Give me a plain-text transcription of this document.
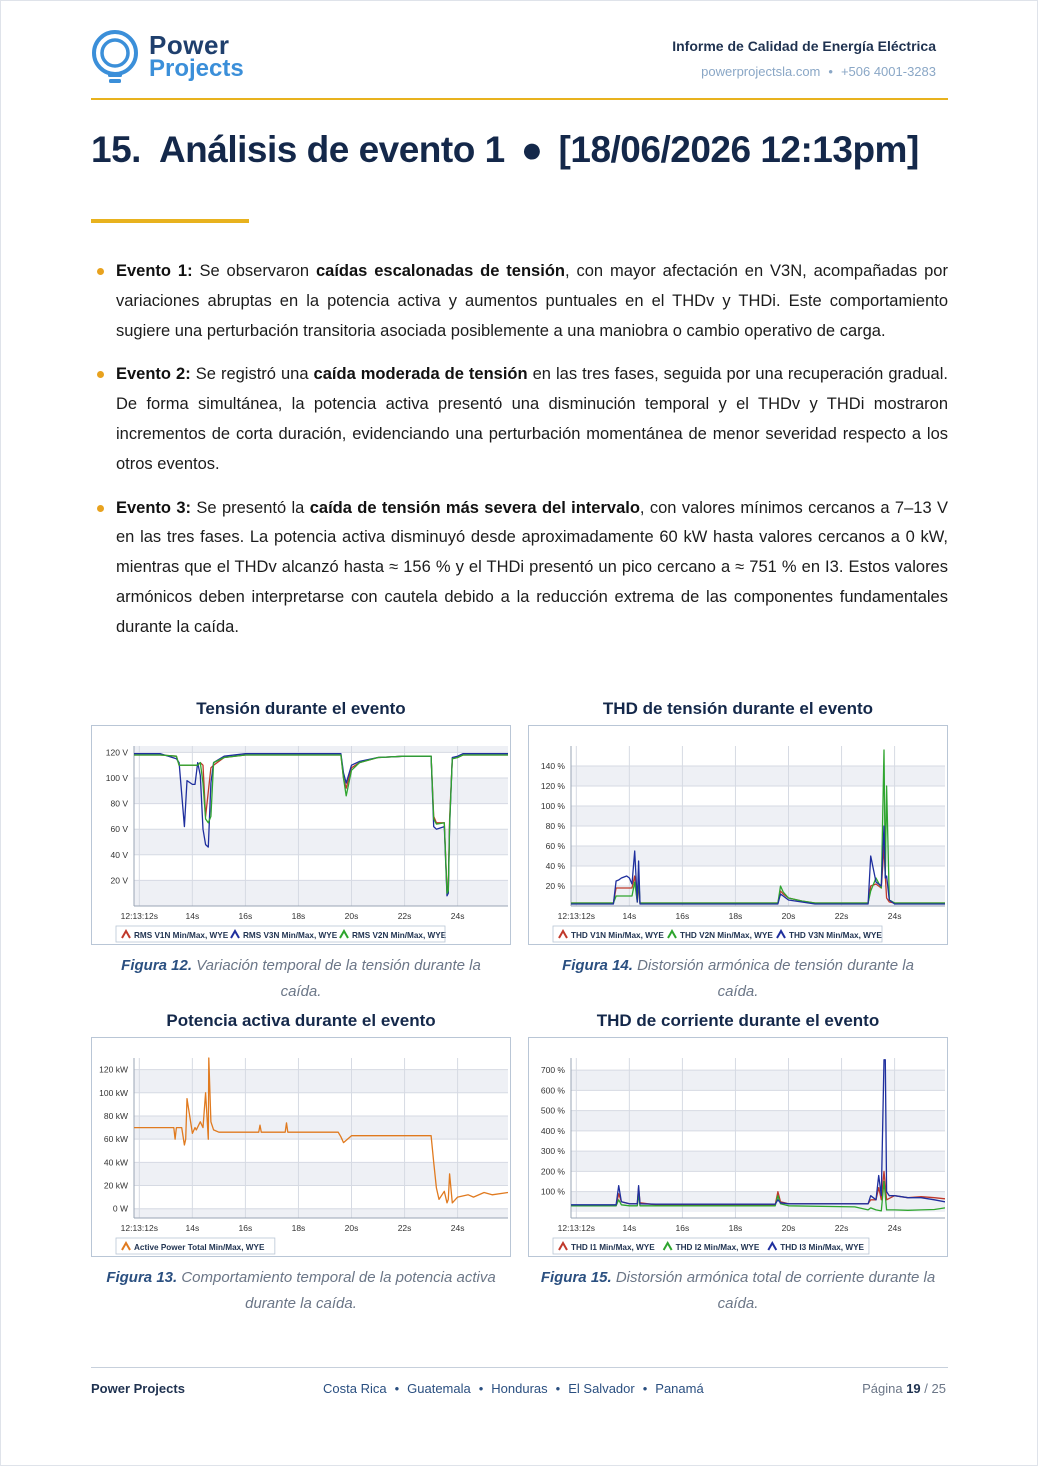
Power
Projects
Informe de Calidad de Energía Eléctrica
powerprojectsla.com • +506 4001-3283
15. Análisis de evento 1 ● [18/06/2026 12:13pm]
Evento 1: Se observaron caídas escalonadas de tensión, con mayor afectación en V3N, acompañadas por variaciones abruptas en la potencia activa y aumentos puntuales en el THDv y THDi. Este comportamiento sugiere una perturbación transitoria asociada posiblemente a una maniobra o cambio operativo de carga.
Evento 2: Se registró una caída moderada de tensión en las tres fases, seguida por una recuperación gradual. De forma simultánea, la potencia activa presentó una disminución temporal y el THDv y THDi mostraron incrementos de corta duración, evidenciando una perturbación momentánea de menor severidad respecto a los otros eventos.
Evento 3: Se presentó la caída de tensión más severa del intervalo, con valores mínimos cercanos a 7–13 V en las tres fases. La potencia activa disminuyó desde aproximadamente 60 kW hasta valores cercanos a 0 kW, mientras que el THDv alcanzó hasta ≈ 156 % y el THDi presentó un pico cercano a ≈ 751 % en I3. Estos valores armónicos deben interpretarse con cautela debido a la reducción extrema de las componentes fundamentales durante la caída.
Tensión durante el evento
12:13:12s	14s	16s	18s	20s	22s	24s
20 V
40 V
60 V
80 V
100 V
120 V
RMS V1N Min/Max, WYE RMS V3N Min/Max, WYE RMS V2N Min/Max, WYE
Figura 12. Variación temporal de la tensión durante la caída.
THD de tensión durante el evento
12:13:12s	14s	16s	18s	20s	22s	24s
20 %
40 %
60 %
80 %
100 %
120 %
140 %
THD V1N Min/Max, WYE THD V2N Min/Max, WYE THD V3N Min/Max, WYE
Figura 14. Distorsión armónica de tensión durante la caída.
Potencia activa durante el evento
12:13:12s	14s	16s	18s	20s	22s	24s
0 W
20 kW
40 kW
60 kW
80 kW
100 kW
120 kW
Active Power Total Min/Max, WYE
Figura 13. Comportamiento temporal de la potencia activa durante la caída.
THD de corriente durante el evento
12:13:12s	14s	16s	18s	20s	22s	24s
100 %
200 %
300 %
400 %
500 %
600 %
700 %
THD I1 Min/Max, WYE	THD I2 Min/Max, WYE	THD I3 Min/Max, WYE
Figura 15. Distorsión armónica total de corriente durante la caída.
Power Projects	Costa Rica • Guatemala • Honduras • El Salvador • Panamá	Página 19 / 25
